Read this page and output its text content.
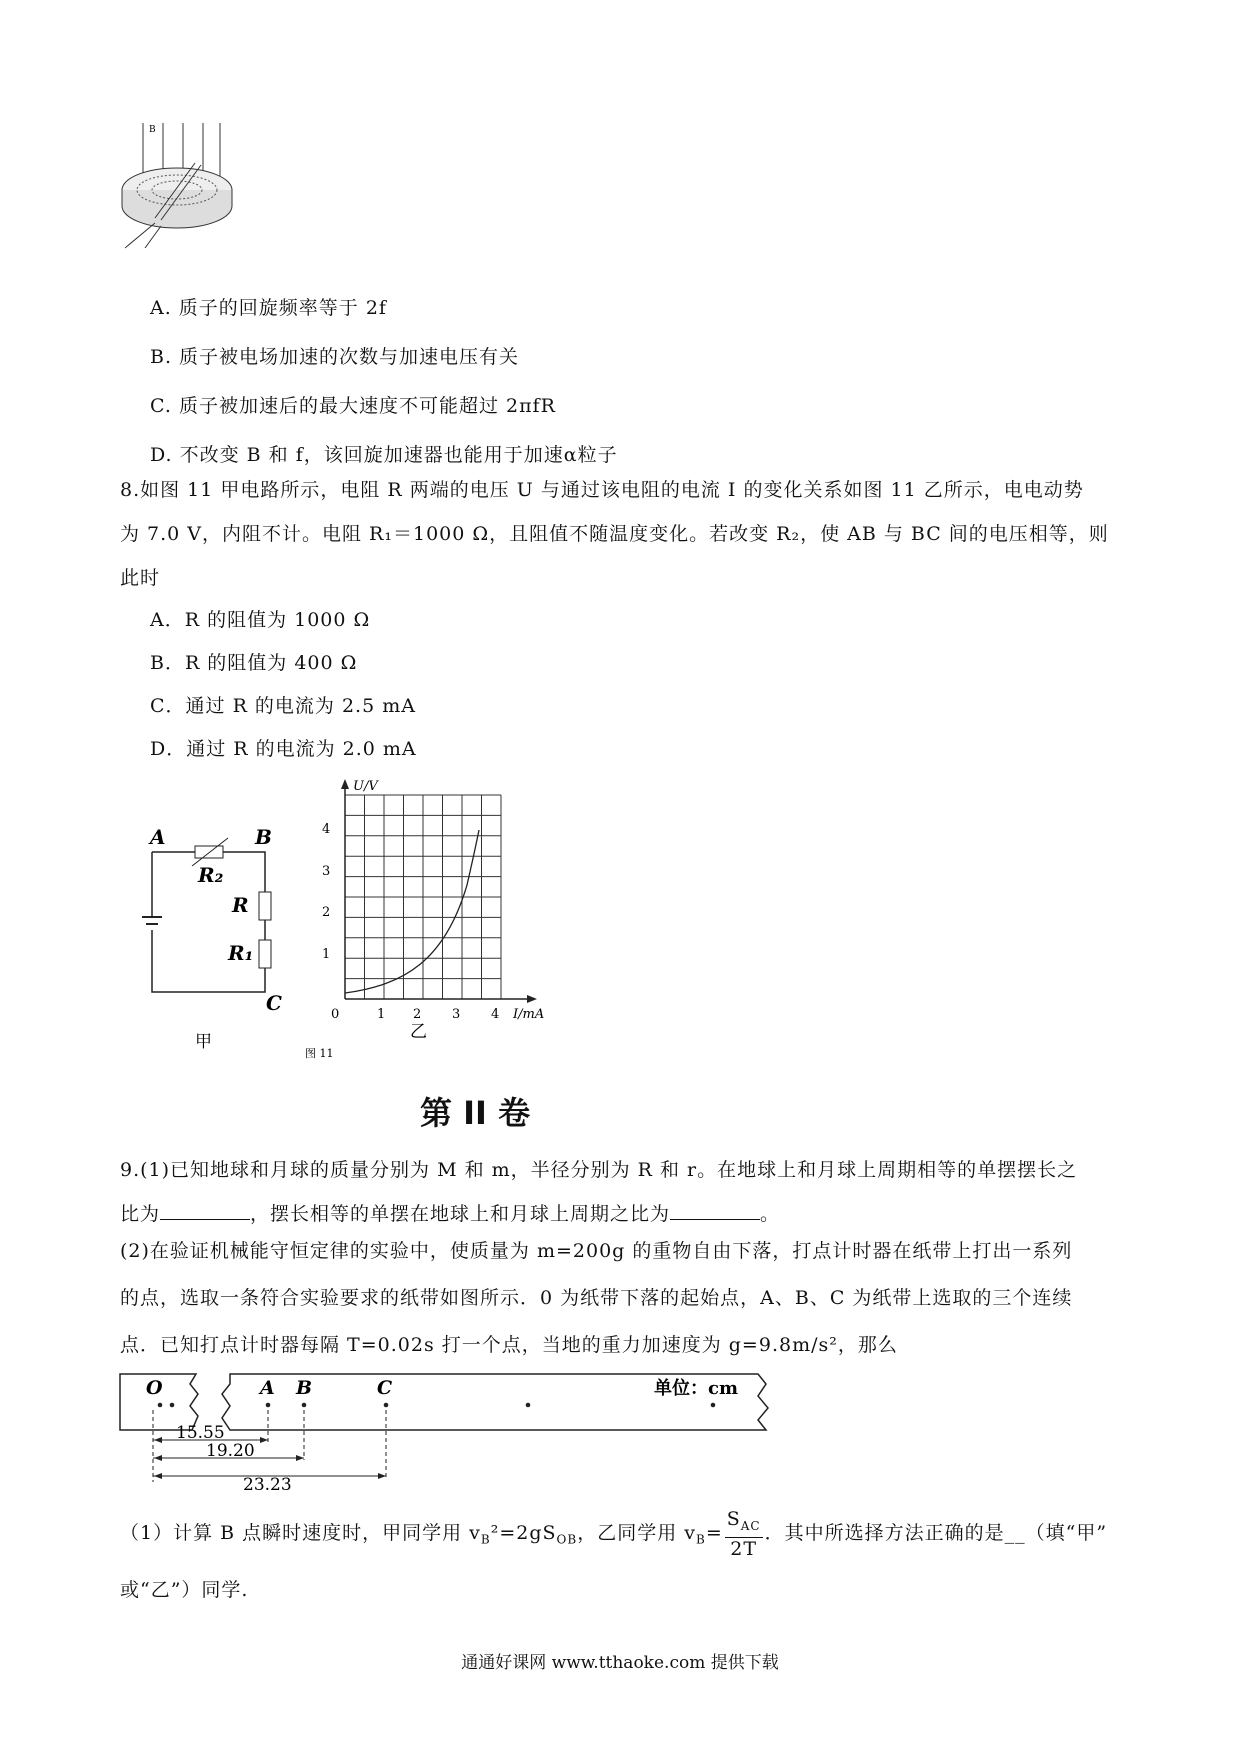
B
A. 质子的回旋频率等于 2f
B. 质子被电场加速的次数与加速电压有关
C. 质子被加速后的最大速度不可能超过 2πfR
D. 不改变 B 和 f，该回旋加速器也能用于加速α粒子
8.如图 11 甲电路所示，电阻 R 两端的电压 U 与通过该电阻的电流 I 的变化关系如图 11 乙所示，电电动势
为 7.0 V，内阻不计。电阻 R₁＝1000 Ω，且阻值不随温度变化。若改变 R₂，使 AB 与 BC 间的电压相等，则
此时
A．R 的阻值为 1000 Ω
B．R 的阻值为 400 Ω
C．通过 R 的电流为 2.5 mA
D．通过 R 的电流为 2.0 mA
A	B
C
R₂
R
R₁
甲
U/V
I/mA
4
3
2
1
0	1 2 3 4
乙
图 11
第 II 卷
9.(1)已知地球和月球的质量分别为 M 和 m，半径分别为 R 和 r。在地球上和月球上周期相等的单摆摆长之
比为	，摆长相等的单摆在地球上和月球上周期之比为	。
(2)在验证机械能守恒定律的实验中，使质量为 m=200g 的重物自由下落，打点计时器在纸带上打出一系列
的点，选取一条符合实验要求的纸带如图所示．0 为纸带下落的起始点，A、B、C 为纸带上选取的三个连续
点．已知打点计时器每隔 T=0.02s 打一个点，当地的重力加速度为 g=9.8m/s²，那么
O	A B	C	单位：cm
15.55
19.20
23.23
（1）计算 B 点瞬时速度时，甲同学用 $v_B^2=2gS_{OB}$，乙同学用 $v_B= \frac{S_{AC}}{2T}$ ．其中所选择方法正确的是__（填“甲”
或“乙”）同学.
通通好课网 www.tthaoke.com 提供下载
